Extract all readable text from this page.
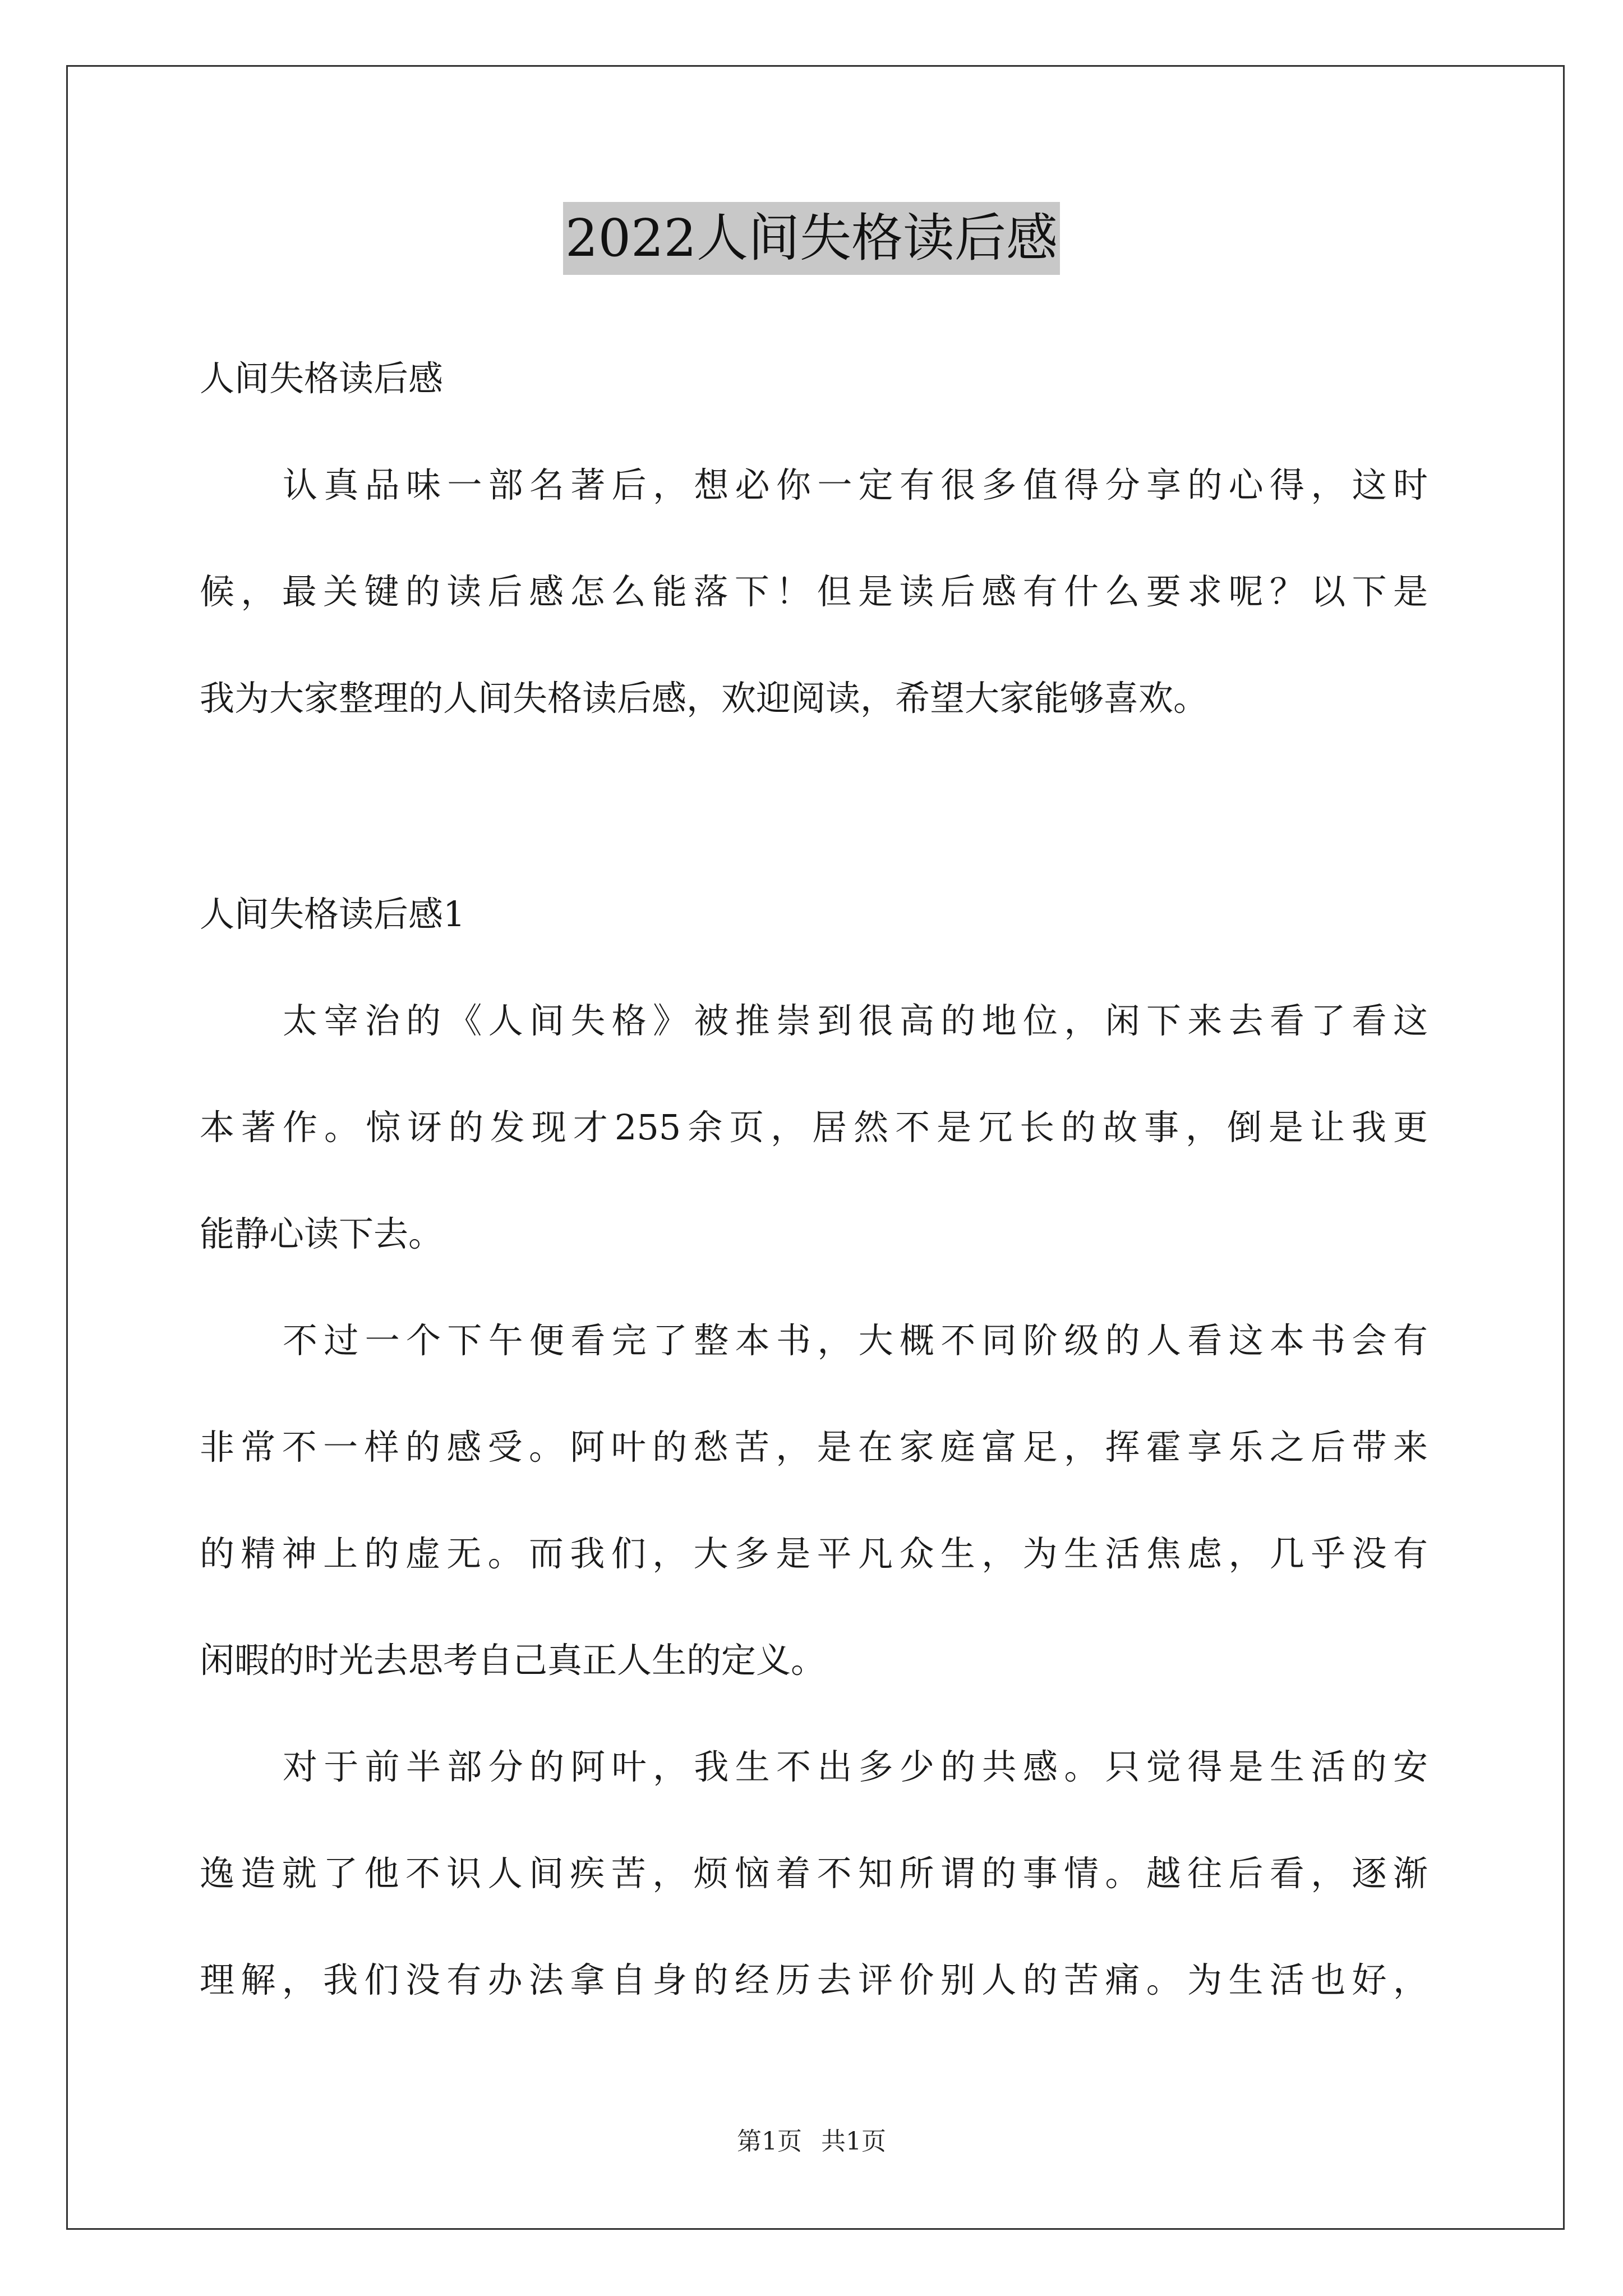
2022人间失格读后感
人间失格读后感
认真品味一部名著后，想必你一定有很多值得分享的心得，这时
候，最关键的读后感怎么能落下！但是读后感有什么要求呢？以下是
我为大家整理的人间失格读后感，欢迎阅读，希望大家能够喜欢。
人间失格读后感1
太宰治的《人间失格》被推崇到很高的地位，闲下来去看了看这
本著作。惊讶的发现才255余页，居然不是冗长的故事，倒是让我更
能静心读下去。
不过一个下午便看完了整本书，大概不同阶级的人看这本书会有
非常不一样的感受。阿叶的愁苦，是在家庭富足，挥霍享乐之后带来
的精神上的虚无。而我们，大多是平凡众生，为生活焦虑，几乎没有
闲暇的时光去思考自己真正人生的定义。
对于前半部分的阿叶，我生不出多少的共感。只觉得是生活的安
逸造就了他不识人间疾苦，烦恼着不知所谓的事情。越往后看，逐渐
理解，我们没有办法拿自身的经历去评价别人的苦痛。为生活也好，
第1页 共1页
